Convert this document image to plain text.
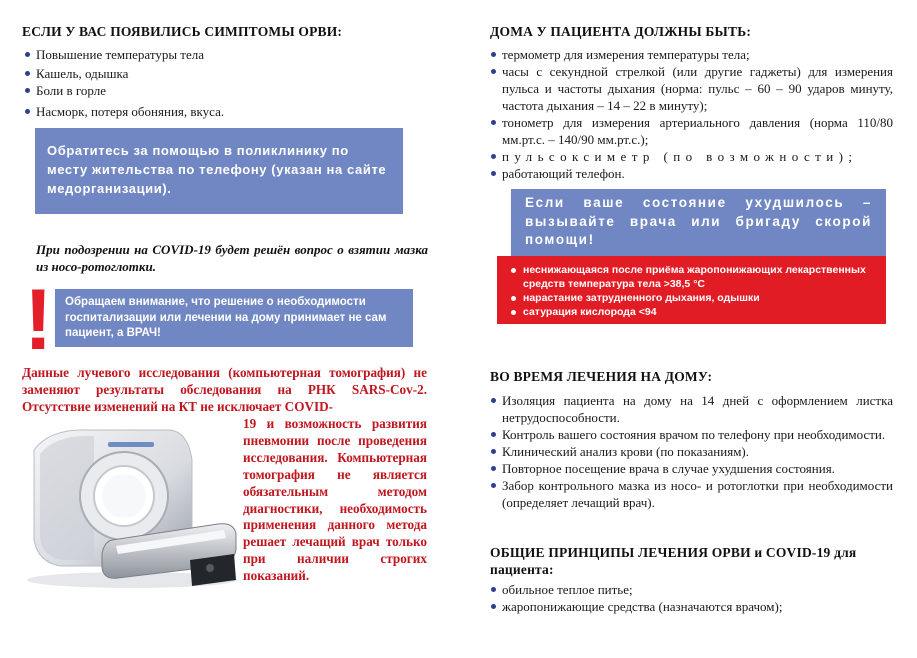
ЕСЛИ У ВАС ПОЯВИЛИСЬ СИМПТОМЫ ОРВИ:
Повышение температуры тела
Кашель, одышка
Боли в горле
Насморк, потеря обоняния, вкуса.
Обратитесь за помощью в поликлинику по месту жительства по телефону (указан на сайте медорганизации).
При подозрении на COVID-19 будет решён вопрос о взятии мазка из носо-ротоглотки.
!	Обращаем внимание, что решение о необходимости госпитализации или лечении на дому принимает не сам пациент, а ВРАЧ!
Данные лучевого исследования (компьютерная томография) не заменяют результаты обследования на РНК SARS-Cov-2. Отсутствие изменений на КТ не исключает COVID-
19 и возможность развития пневмонии после проведения исследования. Компьютерная томография не является обязательным методом диагностики, необходимость применения данного метода решает лечащий врач только при наличии строгих показаний.
ДОМА У ПАЦИЕНТА ДОЛЖНЫ БЫТЬ:
термометр для измерения температуры тела;
часы с секундной стрелкой (или другие гаджеты) для измерения пульса и частоты дыхания (норма: пульс – 60 – 90 ударов минуту, частота дыхания – 14 – 22 в минуту);
тонометр для измерения артериального давления (норма 110/80 мм.рт.с. – 140/90 мм.рт.с.);
пульсоксиметр (по возможности);
работающий телефон.
Если ваше состояние ухудшилось – вызывайте врача или бригаду скорой помощи!
неснижающаяся после приёма жаропонижающих лекарственных средств температура тела >38,5 °С
нарастание затрудненного дыхания, одышки
сатурация кислорода <94
ВО ВРЕМЯ ЛЕЧЕНИЯ НА ДОМУ:
Изоляция пациента на дому на 14 дней с оформлением листка нетрудоспособности.
Контроль вашего состояния врачом по телефону при необходимости.
Клинический анализ крови (по показаниям).
Повторное посещение врача в случае ухудшения состояния.
Забор контрольного мазка из носо- и ротоглотки при необходимости (определяет лечащий врач).
ОБЩИЕ ПРИНЦИПЫ ЛЕЧЕНИЯ ОРВИ и COVID-19 для пациента:
обильное теплое питье;
жаропонижающие средства (назначаются врачом);
